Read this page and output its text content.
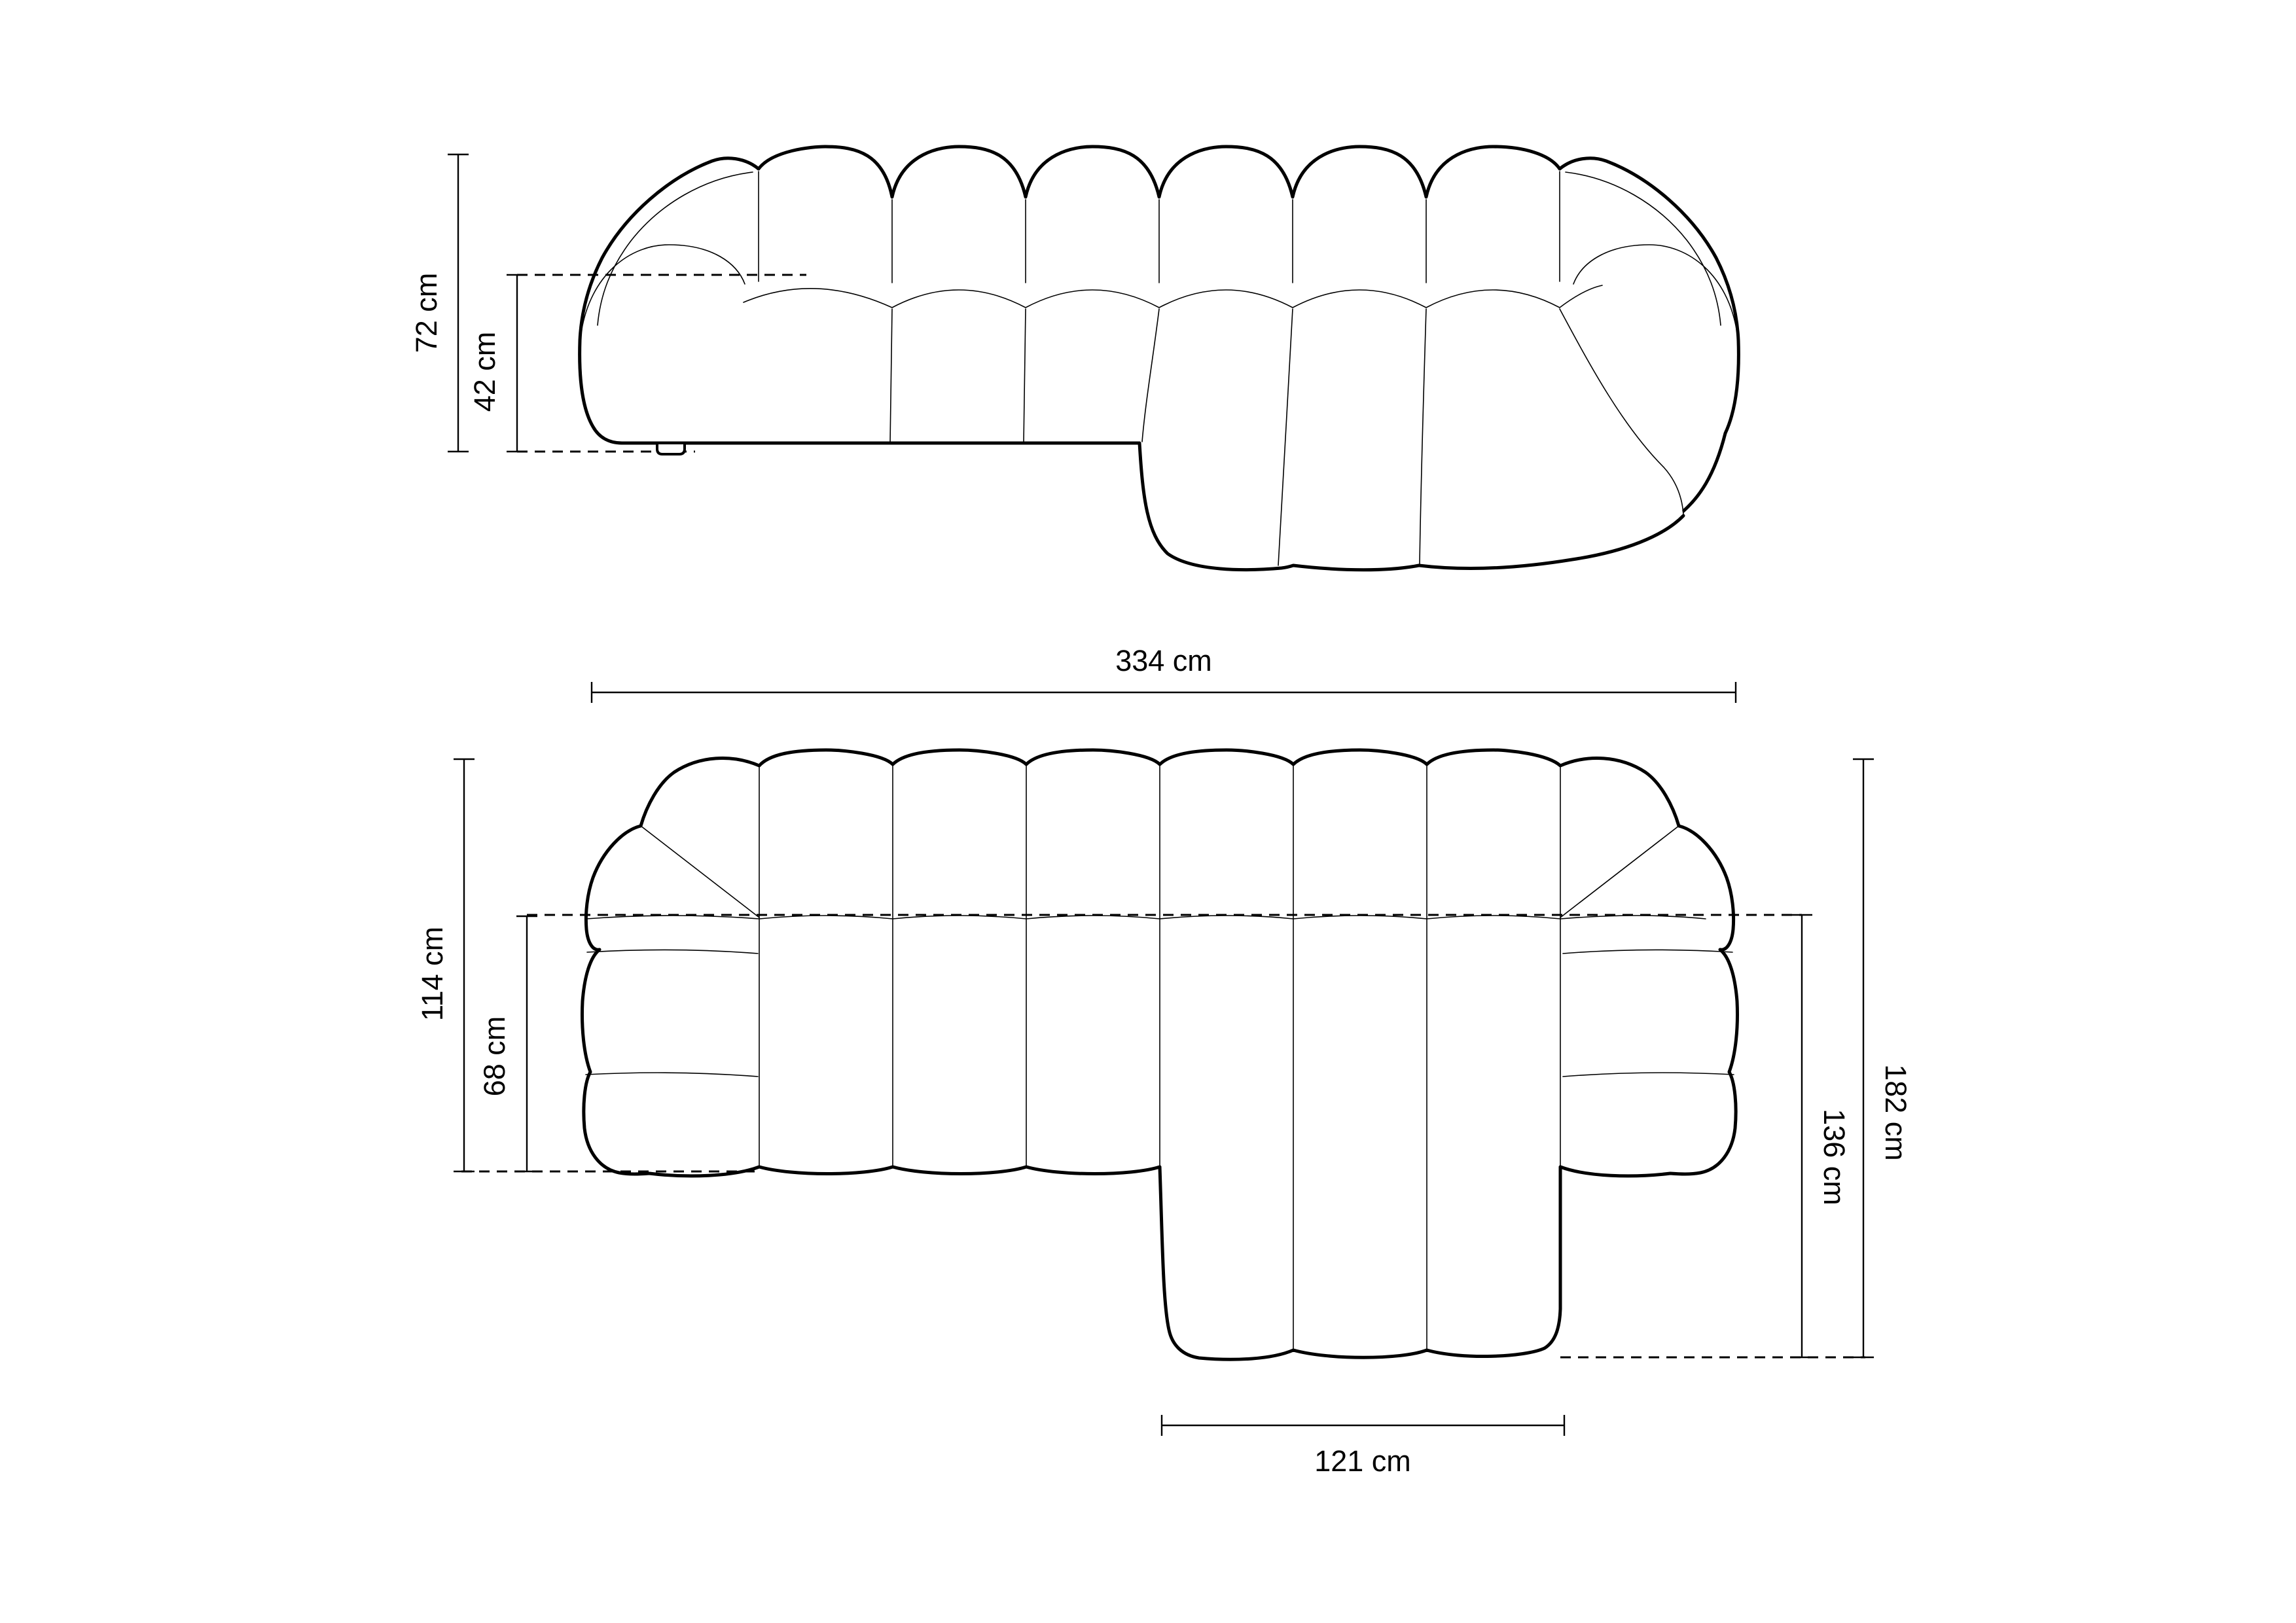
72 cm
42 cm
334 cm
114 cm
68 cm
136 cm 182 cm
121 cm
